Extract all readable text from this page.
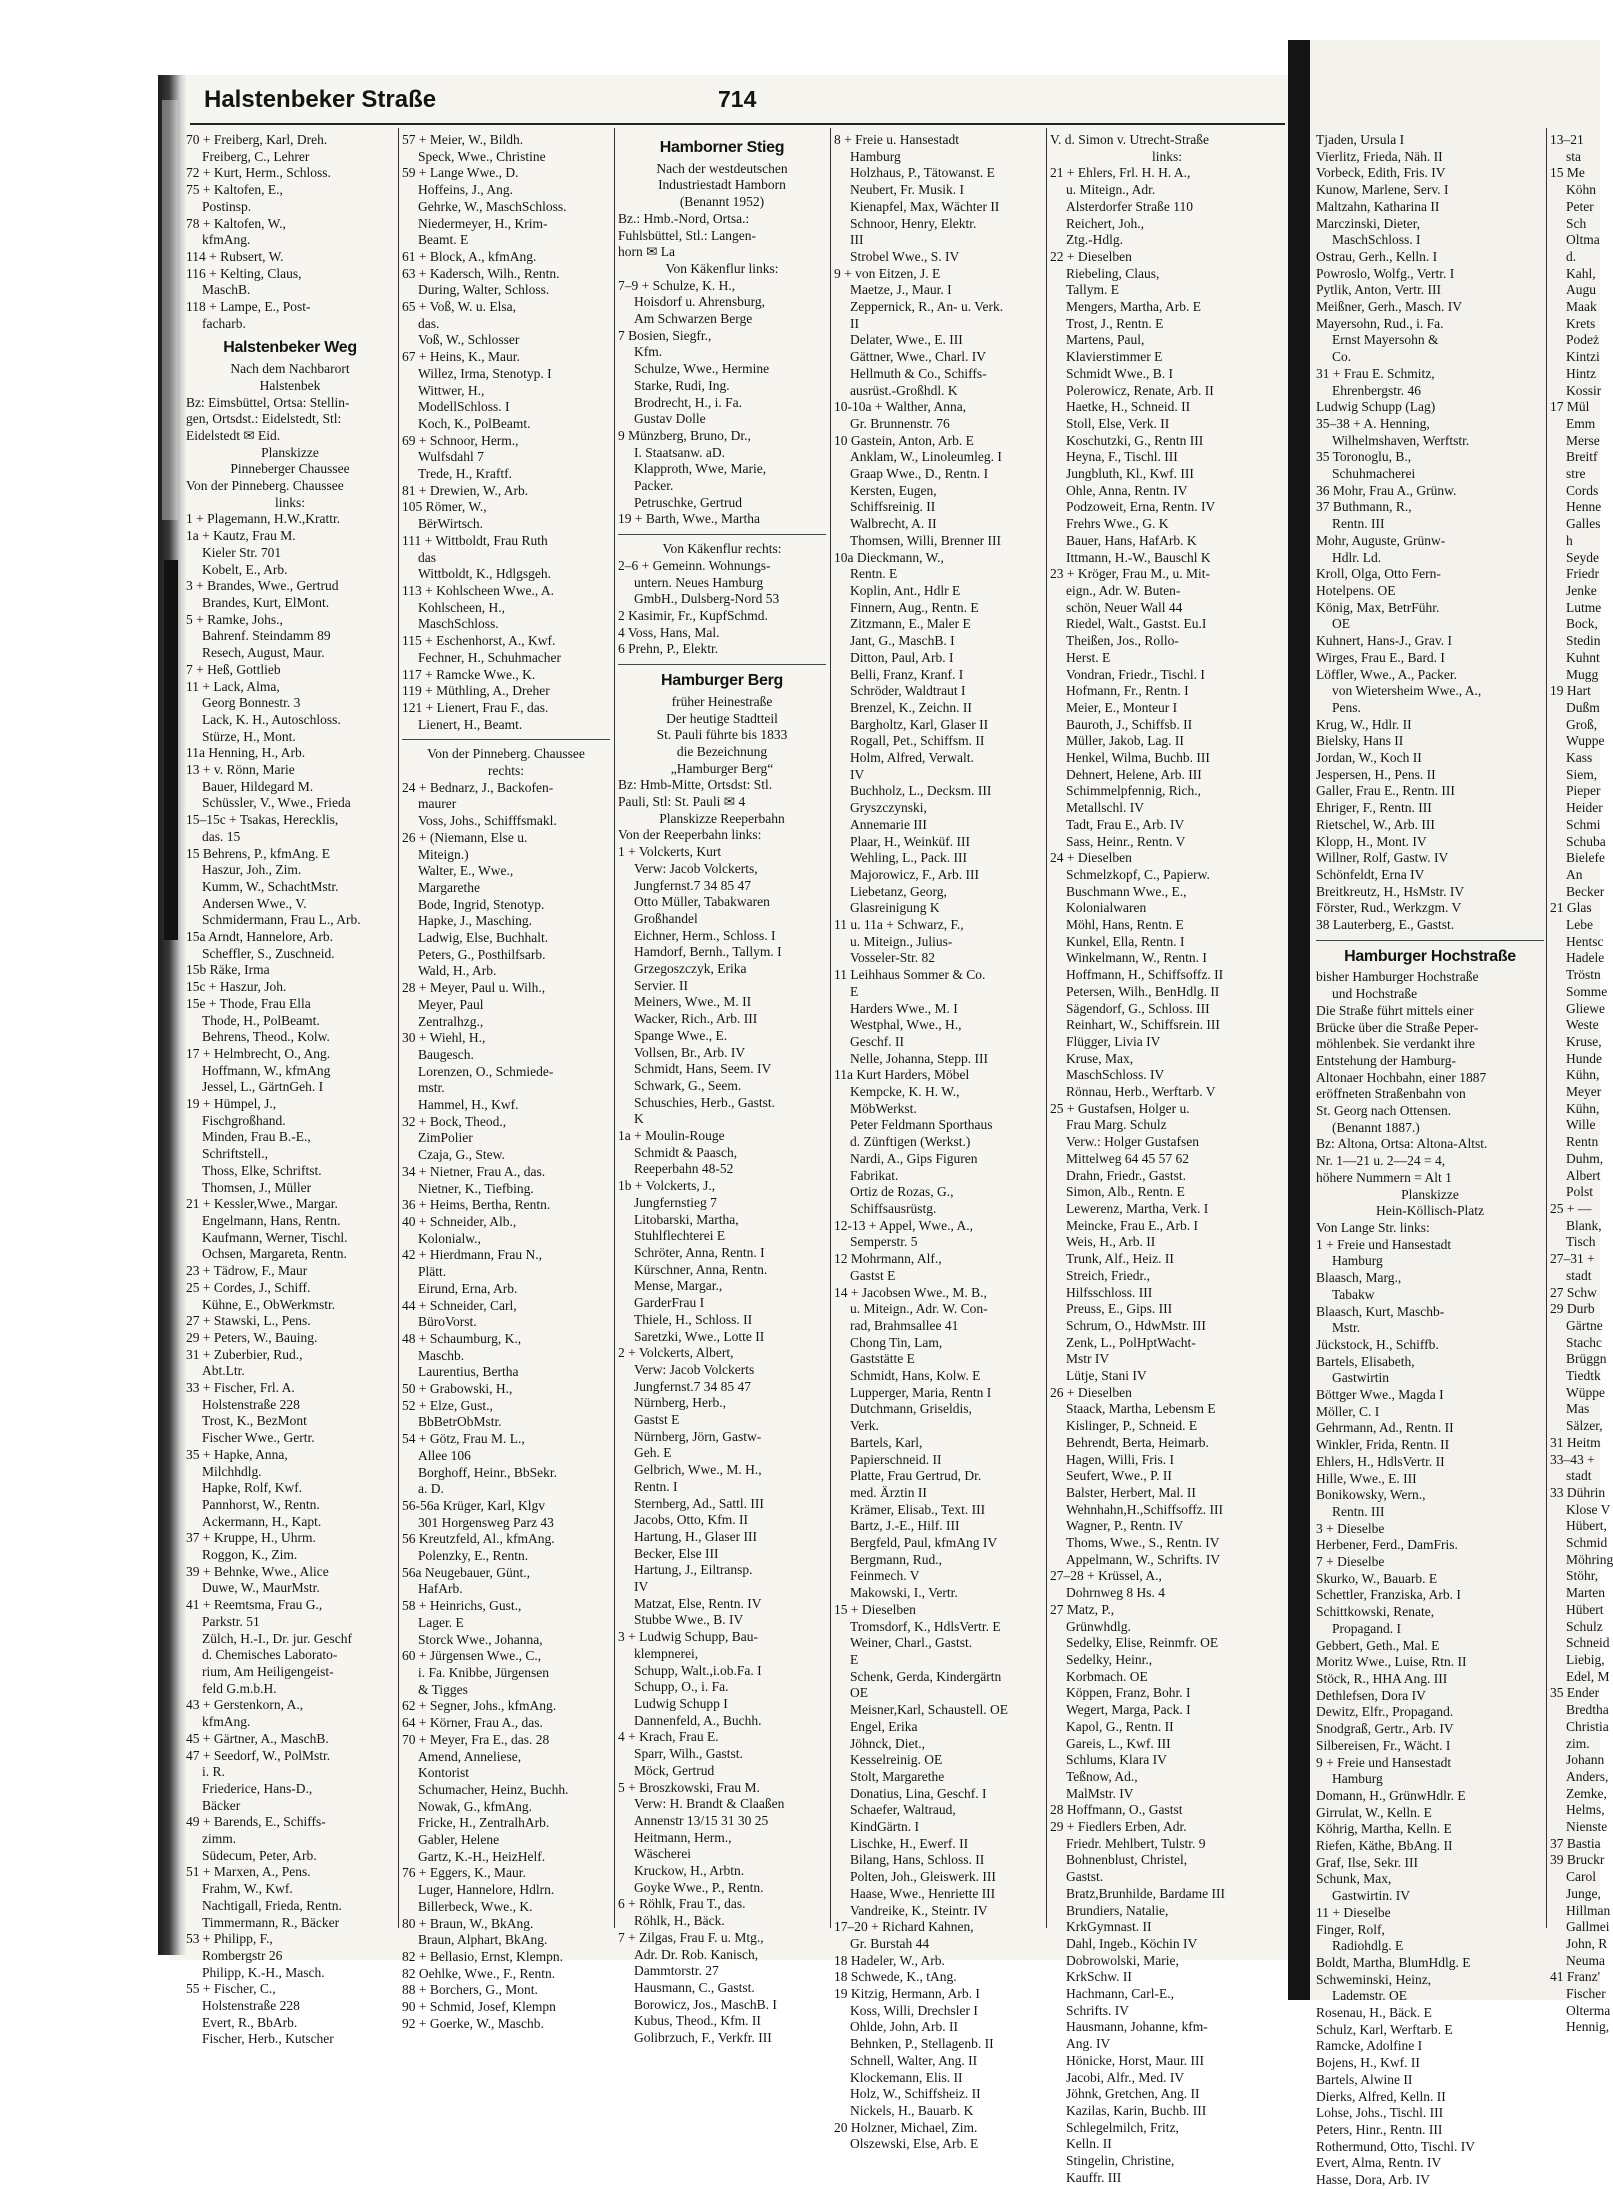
Halstenbeker Straße	714
70 + Freiberg, Karl, Dreh.
Freiberg, C., Lehrer
72 + Kurt, Herm., Schloss.
75 + Kaltofen, E.,
Postinsp.
78 + Kaltofen, W.,
kfmAng.
114 + Rubsert, W.
116 + Kelting, Claus,
MaschB.
118 + Lampe, E., Post-
facharb.
Halstenbeker Weg
Nach dem Nachbarort
Halstenbek
Bz: Eimsbüttel, Ortsa: Stellin-
gen, Ortsdst.: Eidelstedt, Stl:
Eidelstedt ✉ Eid.
Planskizze
Pinneberger Chaussee
Von der Pinneberg. Chaussee
links:
1 + Plagemann, H.W.,Krattr.
1a + Kautz, Frau M.
Kieler Str. 701
Kobelt, E., Arb.
3 + Brandes, Wwe., Gertrud
Brandes, Kurt, ElMont.
5 + Ramke, Johs.,
Bahrenf. Steindamm 89
Resech, August, Maur.
7 + Heß, Gottlieb
11 + Lack, Alma,
Georg Bonnestr. 3
Lack, K. H., Autoschloss.
Stürze, H., Mont.
11a Henning, H., Arb.
13 + v. Rönn, Marie
Bauer, Hildegard M.
Schüssler, V., Wwe., Frieda
15–15c + Tsakas, Herecklis,
das. 15
15 Behrens, P., kfmAng. E
Haszur, Joh., Zim.
Kumm, W., SchachtMstr.
Andersen Wwe., V.
Schmidermann, Frau L., Arb.
15a Arndt, Hannelore, Arb.
Scheffler, S., Zuschneid.
15b Räke, Irma
15c + Haszur, Joh.
15e + Thode, Frau Ella
Thode, H., PolBeamt.
Behrens, Theod., Kolw.
17 + Helmbrecht, O., Ang.
Hoffmann, W., kfmAng
Jessel, L., GärtnGeh. I
19 + Hümpel, J.,
Fischgroßhand.
Minden, Frau B.-E.,
Schriftstell.,
Thoss, Elke, Schriftst.
Thomsen, J., Müller
21 + Kessler,Wwe., Margar.
Engelmann, Hans, Rentn.
Kaufmann, Werner, Tischl.
Ochsen, Margareta, Rentn.
23 + Tädrow, F., Maur
25 + Cordes, J., Schiff.
Kühne, E., ObWerkmstr.
27 + Stawski, L., Pens.
29 + Peters, W., Bauing.
31 + Zuberbier, Rud.,
Abt.Ltr.
33 + Fischer, Frl. A.
Holstenstraße 228
Trost, K., BezMont
Fischer Wwe., Gertr.
35 + Hapke, Anna,
Milchhdlg.
Hapke, Rolf, Kwf.
Pannhorst, W., Rentn.
Ackermann, H., Kapt.
37 + Kruppe, H., Uhrm.
Roggon, K., Zim.
39 + Behnke, Wwe., Alice
Duwe, W., MaurMstr.
41 + Reemtsma, Frau G.,
Parkstr. 51
Zülch, H.-I., Dr. jur. Geschf
d. Chemisches Laborato-
rium, Am Heiligengeist-
feld G.m.b.H.
43 + Gerstenkorn, A.,
kfmAng.
45 + Gärtner, A., MaschB.
47 + Seedorf, W., PolMstr.
i. R.
Friederice, Hans-D.,
Bäcker
49 + Barends, E., Schiffs-
zimm.
Südecum, Peter, Arb.
51 + Marxen, A., Pens.
Frahm, W., Kwf.
Nachtigall, Frieda, Rentn.
Timmermann, R., Bäcker
53 + Philipp, F.,
Rombergstr 26
Philipp, K.-H., Masch.
55 + Fischer, C.,
Holstenstraße 228
Evert, R., BbArb.
Fischer, Herb., Kutscher
57 + Meier, W., Bildh.
Speck, Wwe., Christine
59 + Lange Wwe., D.
Hoffeins, J., Ang.
Gehrke, W., MaschSchloss.
Niedermeyer, H., Krim-
Beamt. E
61 + Block, A., kfmAng.
63 + Kadersch, Wilh., Rentn.
During, Walter, Schloss.
65 + Voß, W. u. Elsa,
das.
Voß, W., Schlosser
67 + Heins, K., Maur.
Willez, Irma, Stenotyp. I
Wittwer, H.,
ModellSchloss. I
Koch, K., PolBeamt.
69 + Schnoor, Herm.,
Wulfsdahl 7
Trede, H., Kraftf.
81 + Drewien, W., Arb.
105 Römer, W.,
BërWirtsch.
111 + Wittboldt, Frau Ruth
das
Wittboldt, K., Hdlgsgeh.
113 + Kohlscheen Wwe., A.
Kohlscheen, H.,
MaschSchloss.
115 + Eschenhorst, A., Kwf.
Fechner, H., Schuhmacher
117 + Ramcke Wwe., K.
119 + Müthling, A., Dreher
121 + Lienert, Frau F., das.
Lienert, H., Beamt.
Von der Pinneberg. Chaussee
rechts:
24 + Bednarz, J., Backofen-
maurer
Voss, Johs., Schifffsmakl.
26 + (Niemann, Else u.
Miteign.)
Walter, E., Wwe.,
Margarethe
Bode, Ingrid, Stenotyp.
Hapke, J., Masching.
Ladwig, Else, Buchhalt.
Peters, G., Posthilfsarb.
Wald, H., Arb.
28 + Meyer, Paul u. Wilh.,
Meyer, Paul
Zentralhzg.,
30 + Wiehl, H.,
Baugesch.
Lorenzen, O., Schmiede-
mstr.
Hammel, H., Kwf.
32 + Bock, Theod.,
ZimPolier
Czaja, G., Stew.
34 + Nietner, Frau A., das.
Nietner, K., Tiefbing.
36 + Heims, Bertha, Rentn.
40 + Schneider, Alb.,
Kolonialw.,
42 + Hierdmann, Frau N.,
Plätt.
Eirund, Erna, Arb.
44 + Schneider, Carl,
BüroVorst.
48 + Schaumburg, K.,
Maschb.
Laurentius, Bertha
50 + Grabowski, H.,
52 + Elze, Gust.,
BbBetrObMstr.
54 + Götz, Frau M. L.,
Allee 106
Borghoff, Heinr., BbSekr.
a. D.
56-56a Krüger, Karl, Klgv
301 Horgensweg Parz 43
56 Kreutzfeld, Al., kfmAng.
Polenzky, E., Rentn.
56a Neugebauer, Günt.,
HafArb.
58 + Heinrichs, Gust.,
Lager. E
Storck Wwe., Johanna,
60 + Jürgensen Wwe., C.,
i. Fa. Knibbe, Jürgensen
& Tigges
62 + Segner, Johs., kfmAng.
64 + Körner, Frau A., das.
70 + Meyer, Fra E., das. 28
Amend, Anneliese,
Kontorist
Schumacher, Heinz, Buchh.
Nowak, G., kfmAng.
Fricke, H., ZentralhArb.
Gabler, Helene
Gartz, K.-H., HeizHelf.
76 + Eggers, K., Maur.
Luger, Hannelore, Hdlrn.
Billerbeck, Wwe., K.
80 + Braun, W., BkAng.
Braun, Alphart, BkAng.
82 + Bellasio, Ernst, Klempn.
82 Oehlke, Wwe., F., Rentn.
88 + Borchers, G., Mont.
90 + Schmid, Josef, Klempn
92 + Goerke, W., Maschb.
Hamborner Stieg
Nach der westdeutschen
Industriestadt Hamborn
(Benannt 1952)
Bz.: Hmb.-Nord, Ortsa.:
Fuhlsbüttel, Stl.: Langen-
horn ✉ La
Von Käkenflur links:
7–9 + Schulze, K. H.,
Hoisdorf u. Ahrensburg,
Am Schwarzen Berge
7 Bosien, Siegfr.,
Kfm.
Schulze, Wwe., Hermine
Starke, Rudi, Ing.
Brodrecht, H., i. Fa.
Gustav Dolle
9 Münzberg, Bruno, Dr.,
I. Staatsanw. aD.
Klapproth, Wwe, Marie,
Packer.
Petruschke, Gertrud
19 + Barth, Wwe., Martha
Von Käkenflur rechts:
2–6 + Gemeinn. Wohnungs-
untern. Neues Hamburg
GmbH., Dulsberg-Nord 53
2 Kasimir, Fr., KupfSchmd.
4 Voss, Hans, Mal.
6 Prehn, P., Elektr.
Hamburger Berg
früher Heinestraße
Der heutige Stadtteil
St. Pauli führte bis 1833
die Bezeichnung
„Hamburger Berg“
Bz: Hmb-Mitte, Ortsdst: Stl.
Pauli, Stl: St. Pauli ✉ 4
Planskizze Reeperbahn
Von der Reeperbahn links:
1 + Volckerts, Kurt
Verw: Jacob Volckerts,
Jungfernst.7 34 85 47
Otto Müller, Tabakwaren
Großhandel
Eichner, Herm., Schloss. I
Hamdorf, Bernh., Tallym. I
Grzegoszczyk, Erika
Servier. II
Meiners, Wwe., M. II
Wacker, Rich., Arb. III
Spange Wwe., E.
Vollsen, Br., Arb. IV
Schmidt, Hans, Seem. IV
Schwark, G., Seem.
Schuschies, Herb., Gastst.
K
1a + Moulin-Rouge
Schmidt & Paasch,
Reeperbahn 48-52
1b + Volckerts, J.,
Jungfernstieg 7
Litobarski, Martha,
Stuhlflechterei E
Schröter, Anna, Rentn. I
Kürschner, Anna, Rentn.
Mense, Margar.,
GarderFrau I
Thiele, H., Schloss. II
Saretzki, Wwe., Lotte II
2 + Volckerts, Albert,
Verw: Jacob Volckerts
Jungfernst.7 34 85 47
Nürnberg, Herb.,
Gastst E
Nürnberg, Jörn, Gastw-
Geh. E
Gelbrich, Wwe., M. H.,
Rentn. I
Sternberg, Ad., Sattl. III
Jacobs, Otto, Kfm. II
Hartung, H., Glaser III
Becker, Else III
Hartung, J., Eiltransp.
IV
Matzat, Else, Rentn. IV
Stubbe Wwe., B. IV
3 + Ludwig Schupp, Bau-
klempnerei,
Schupp, Walt.,i.ob.Fa. I
Schupp, O., i. Fa.
Ludwig Schupp I
Dannenfeld, A., Buchh.
4 + Krach, Frau E.
Sparr, Wilh., Gastst.
Möck, Gertrud
5 + Broszkowski, Frau M.
Verw: H. Brandt & Claaßen
Annenstr 13/15 31 30 25
Heitmann, Herm.,
Wäscherei
Kruckow, H., Arbtn.
Goyke Wwe., P., Rentn.
6 + Röhlk, Frau T., das.
Röhlk, H., Bäck.
7 + Zilgas, Frau F. u. Mtg.,
Adr. Dr. Rob. Kanisch,
Dammtorstr. 27
Hausmann, C., Gastst.
Borowicz, Jos., MaschB. I
Kubus, Theod., Kfm. II
Golibrzuch, F., Verkfr. III
8 + Freie u. Hansestadt
Hamburg
Holzhaus, P., Tätowanst. E
Neubert, Fr. Musik. I
Kienapfel, Max, Wächter II
Schnoor, Henry, Elektr.
III
Strobel Wwe., S. IV
9 + von Eitzen, J. E
Maetze, J., Maur. I
Zeppernick, R., An- u. Verk.
II
Delater, Wwe., E. III
Gättner, Wwe., Charl. IV
Hellmuth & Co., Schiffs-
ausrüst.-Großhdl. K
10-10a + Walther, Anna,
Gr. Brunnenstr. 76
10 Gastein, Anton, Arb. E
Anklam, W., Linoleumleg. I
Graap Wwe., D., Rentn. I
Kersten, Eugen,
Schiffsreinig. II
Walbrecht, A. II
Thomsen, Willi, Brenner III
10a Dieckmann, W.,
Rentn. E
Koplin, Ant., Hdlr E
Finnern, Aug., Rentn. E
Zitzmann, E., Maler E
Jant, G., MaschB. I
Ditton, Paul, Arb. I
Belli, Franz, Kranf. I
Schröder, Waldtraut I
Brenzel, K., Zeichn. II
Bargholtz, Karl, Glaser II
Rogall, Pet., Schiffsm. II
Holm, Alfred, Verwalt.
IV
Buchholz, L., Decksm. III
Gryszczynski,
Annemarie III
Plaar, H., Weinküf. III
Wehling, L., Pack. III
Majorowicz, F., Arb. III
Liebetanz, Georg,
Glasreinigung K
11 u. 11a + Schwarz, F.,
u. Miteign., Julius-
Vosseler-Str. 82
11 Leihhaus Sommer & Co.
E
Harders Wwe., M. I
Westphal, Wwe., H.,
Geschf. II
Nelle, Johanna, Stepp. III
11a Kurt Harders, Möbel
Kempcke, K. H. W.,
MöbWerkst.
Peter Feldmann Sporthaus
d. Zünftigen (Werkst.)
Nardi, A., Gips Figuren
Fabrikat.
Ortiz de Rozas, G.,
Schiffsausrüstg.
12-13 + Appel, Wwe., A.,
Semperstr. 5
12 Mohrmann, Alf.,
Gastst E
14 + Jacobsen Wwe., M. B.,
u. Miteign., Adr. W. Con-
rad, Brahmsallee 41
Chong Tin, Lam,
Gaststätte E
Schmidt, Hans, Kolw. E
Lupperger, Maria, Rentn I
Dutchmann, Griseldis,
Verk.
Bartels, Karl,
Papierschneid. II
Platte, Frau Gertrud, Dr.
med. Ärztin II
Krämer, Elisab., Text. III
Bartz, J.-E., Hilf. III
Bergfeld, Paul, kfmAng IV
Bergmann, Rud.,
Feinmech. V
Makowski, I., Vertr.
15 + Dieselben
Tromsdorf, K., HdlsVertr. E
Weiner, Charl., Gastst.
E
Schenk, Gerda, Kindergärtn
OE
Meisner,Karl, Schaustell. OE
Engel, Erika
Jöhnck, Diet.,
Kesselreinig. OE
Stolt, Margarethe
Donatius, Lina, Geschf. I
Schaefer, Waltraud,
KindGärtn. I
Lischke, H., Ewerf. II
Bilang, Hans, Schloss. II
Polten, Joh., Gleiswerk. III
Haase, Wwe., Henriette III
Vandreike, K., Steintr. IV
17–20 + Richard Kahnen,
Gr. Burstah 44
18 Hadeler, W., Arb.
18 Schwede, K., tAng.
19 Kitzig, Hermann, Arb. I
Koss, Willi, Drechsler I
Ohlde, John, Arb. II
Behnken, P., Stellagenb. II
Schnell, Walter, Ang. II
Klockemann, Elis. II
Holz, W., Schiffsheiz. II
Nickels, H., Bauarb. K
20 Holzner, Michael, Zim.
Olszewski, Else, Arb. E
V. d. Simon v. Utrecht-Straße
links:
21 + Ehlers, Frl. H. H. A.,
u. Miteign., Adr.
Alsterdorfer Straße 110
Reichert, Joh.,
Ztg.-Hdlg.
22 + Dieselben
Riebeling, Claus,
Tallym. E
Mengers, Martha, Arb. E
Trost, J., Rentn. E
Martens, Paul,
Klavierstimmer E
Schmidt Wwe., B. I
Polerowicz, Renate, Arb. II
Haetke, H., Schneid. II
Stoll, Else, Verk. II
Koschutzki, G., Rentn III
Heyna, F., Tischl. III
Jungbluth, Kl., Kwf. III
Ohle, Anna, Rentn. IV
Podzoweit, Erna, Rentn. IV
Frehrs Wwe., G. K
Bauer, Hans, HafArb. K
Ittmann, H.-W., Bauschl K
23 + Kröger, Frau M., u. Mit-
eign., Adr. W. Buten-
schön, Neuer Wall 44
Riedel, Walt., Gastst. Eu.I
Theißen, Jos., Rollo-
Herst. E
Vondran, Friedr., Tischl. I
Hofmann, Fr., Rentn. I
Meier, E., Monteur I
Bauroth, J., Schiffsb. II
Müller, Jakob, Lag. II
Henkel, Wilma, Buchb. III
Dehnert, Helene, Arb. III
Schimmelpfennig, Rich.,
Metallschl. IV
Tadt, Frau E., Arb. IV
Sass, Heinr., Rentn. V
24 + Dieselben
Schmelzkopf, C., Papierw.
Buschmann Wwe., E.,
Kolonialwaren
Möhl, Hans, Rentn. E
Kunkel, Ella, Rentn. I
Winkelmann, W., Rentn. I
Hoffmann, H., Schiffsoffz. II
Petersen, Wilh., BenHdlg. II
Sägendorf, G., Schloss. III
Reinhart, W., Schiffsrein. III
Flügger, Livia IV
Kruse, Max,
MaschSchloss. IV
Rönnau, Herb., Werftarb. V
25 + Gustafsen, Holger u.
Frau Marg. Schulz
Verw.: Holger Gustafsen
Mittelweg 64 45 57 62
Drahn, Friedr., Gastst.
Simon, Alb., Rentn. E
Lewerenz, Martha, Verk. I
Meincke, Frau E., Arb. I
Weis, H., Arb. II
Trunk, Alf., Heiz. II
Streich, Friedr.,
Hilfsschloss. III
Preuss, E., Gips. III
Schrum, O., HdwMstr. III
Zenk, L., PolHptWacht-
Mstr IV
Lütje, Stani IV
26 + Dieselben
Staack, Martha, Lebensm E
Kislinger, P., Schneid. E
Behrendt, Berta, Heimarb.
Hagen, Willi, Fris. I
Seufert, Wwe., P. II
Balster, Herbert, Mal. II
Wehnhahn,H.,Schiffsoffz. III
Wagner, P., Rentn. IV
Thoms, Wwe., S., Rentn. IV
Appelmann, W., Schrifts. IV
27–28 + Krüssel, A.,
Dohrnweg 8 Hs. 4
27 Matz, P.,
Grünwhdlg.
Sedelky, Elise, Reinmfr. OE
Sedelky, Heinr.,
Korbmach. OE
Köppen, Franz, Bohr. I
Wegert, Marga, Pack. I
Kapol, G., Rentn. II
Gareis, L., Kwf. III
Schlums, Klara IV
Teßnow, Ad.,
MalMstr. IV
28 Hoffmann, O., Gastst
29 + Fiedlers Erben, Adr.
Friedr. Mehlbert, Tulstr. 9
Bohnenblust, Christel,
Gastst.
Bratz,Brunhilde, Bardame III
Brundiers, Natalie,
KrkGymnast. II
Dahl, Ingeb., Köchin IV
Dobrowolski, Marie,
KrkSchw. II
Hachmann, Carl-E.,
Schrifts. IV
Hausmann, Johanne, kfm-
Ang. IV
Hönicke, Horst, Maur. III
Jacobi, Alfr., Med. IV
Jöhnk, Gretchen, Ang. II
Kazilas, Karin, Buchb. III
Schlegelmilch, Fritz,
Kelln. II
Stingelin, Christine,
Kauffr. III
Tjaden, Ursula I
Vierlitz, Frieda, Näh. II
Vorbeck, Edith, Fris. IV
Kunow, Marlene, Serv. I
Maltzahn, Katharina II
Marczinski, Dieter,
MaschSchloss. I
Ostrau, Gerh., Kelln. I
Powroslo, Wolfg., Vertr. I
Pytlik, Anton, Vertr. III
Meißner, Gerh., Masch. IV
Mayersohn, Rud., i. Fa.
Ernst Mayersohn &
Co.
31 + Frau E. Schmitz,
Ehrenbergstr. 46
Ludwig Schupp (Lag)
35–38 + A. Henning,
Wilhelmshaven, Werftstr.
35 Toronoglu, B.,
Schuhmacherei
36 Mohr, Frau A., Grünw.
37 Buthmann, R.,
Rentn. III
Mohr, Auguste, Grünw-
Hdlr. Ld.
Kroll, Olga, Otto Fern-
Hotelpens. OE
König, Max, BetrFühr.
OE
Kuhnert, Hans-J., Grav. I
Wirges, Frau E., Bard. I
Löffler, Wwe., A., Packer.
von Wietersheim Wwe., A.,
Pens.
Krug, W., Hdlr. II
Bielsky, Hans II
Jordan, W., Koch II
Jespersen, H., Pens. II
Galler, Frau E., Rentn. III
Ehriger, F., Rentn. III
Rietschel, W., Arb. III
Klopp, H., Mont. IV
Willner, Rolf, Gastw. IV
Schönfeldt, Erna IV
Breitkreutz, H., HsMstr. IV
Förster, Rud., Werkzgm. V
38 Lauterberg, E., Gastst.
Hamburger Hochstraße
bisher Hamburger Hochstraße
und Hochstraße
Die Straße führt mittels einer
Brücke über die Straße Peper-
möhlenbek. Sie verdankt ihre
Entstehung der Hamburg-
Altonaer Hochbahn, einer 1887
eröffneten Straßenbahn von
St. Georg nach Ottensen.
(Benannt 1887.)
Bz: Altona, Ortsa: Altona-Altst.
Nr. 1—21 u. 2—24 = 4,
höhere Nummern = Alt 1
Planskizze
Hein-Köllisch-Platz
Von Lange Str. links:
1 + Freie und Hansestadt
Hamburg
Blaasch, Marg.,
Tabakw
Blaasch, Kurt, Maschb-
Mstr.
Jückstock, H., Schiffb.
Bartels, Elisabeth,
Gastwirtin
Böttger Wwe., Magda I
Möller, C. I
Gehrmann, Ad., Rentn. II
Winkler, Frida, Rentn. II
Ehlers, H., HdlsVertr. II
Hille, Wwe., E. III
Bonikowsky, Wern.,
Rentn. III
3 + Dieselbe
Herbener, Ferd., DamFris.
7 + Dieselbe
Skurko, W., Bauarb. E
Schettler, Franziska, Arb. I
Schittkowski, Renate,
Propagand. I
Gebbert, Geth., Mal. E
Moritz Wwe., Luise, Rtn. II
Stöck, R., HHA Ang. III
Dethlefsen, Dora IV
Dewitz, Elfr., Propagand.
Snodgraß, Gertr., Arb. IV
Silbereisen, Fr., Wächt. I
9 + Freie und Hansestadt
Hamburg
Domann, H., GrünwHdlr. E
Girrulat, W., Kelln. E
Köhrig, Martha, Kelln. E
Riefen, Käthe, BbAng. II
Graf, Ilse, Sekr. III
Schunk, Max,
Gastwirtin. IV
11 + Dieselbe
Finger, Rolf,
Radiohdlg. E
Boldt, Martha, BlumHdlg. E
Schweminski, Heinz,
Lademstr. OE
Rosenau, H., Bäck. E
Schulz, Karl, Werftarb. E
Ramcke, Adolfine I
Bojens, H., Kwf. II
Bartels, Alwine II
Dierks, Alfred, Kelln. II
Lohse, Johs., Tischl. III
Peters, Hinr., Rentn. III
Rothermund, Otto, Tischl. IV
Evert, Alma, Rentn. IV
Hasse, Dora, Arb. IV
13–21
sta
15 Me
Köhn
Peter
Sch
Oltma
d.
Kahl,
Augu
Maak
Krets
Podeż
Kintzi
Hintz
Kossir
17 Mül
Emm
Merse
Breitf
stre
Cords
Henne
Galles
h
Seyde
Friedr
Jenke
Lutme
Bock,
Stedin
Kuhnt
Mugg
19 Hart
Dußm
Groß,
Wuppe
Kass
Siem,
Pieper
Heider
Schmi
Schuba
Bielefe
An
Becker
21 Glas
Lebe
Hentsc
Hadele
Tröstn
Somme
Gliewe
Weste
Kruse,
Hunde
Kühn,
Meyer
Kühn,
Wille
Rentn
Duhm,
Albert
Polst
25 + —
Blank,
Tisch
27–31 +
stadt
27 Schw
29 Durb
Gärtne
Stachc
Brüggn
Tiedtk
Wüppe
Mas
Sälzer,
31 Heitm
33–43 +
stadt
33 Dührin
Klose V
Hübert,
Schmid
Möhring
Stöhr,
Marten
Hübert
Schulz
Schneid
Liebig,
Edel, M
35 Ender
Bredtha
Christia
zim.
Johann
Anders,
Zemke,
Helms,
Nienste
37 Bastia
39 Bruckr
Carol
Junge,
Hillman
Gallmei
John, R
Neuma
41 Franz'
Fischer
Olterma
Hennig,
